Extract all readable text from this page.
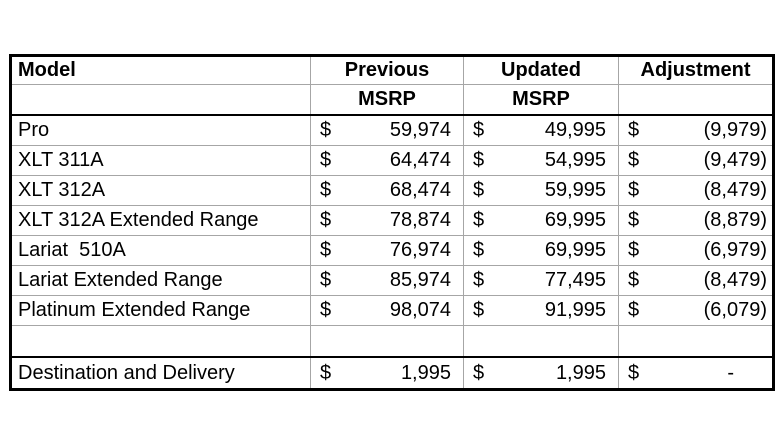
Model	Previous	Updated	Adjustment
	MSRP	MSRP	
Pro	$ 59,974	$ 49,995	$ (9,979)

XLT 311A	$ 64,474	$ 54,995	$ (9,479)

XLT 312A	$ 68,474	$ 59,995	$ (8,479)

XLT 312A Extended Range	$ 78,874	$ 69,995	$ (8,879)

Lariat  510A	$ 76,974	$ 69,995	$ (6,979)

Lariat Extended Range	$ 85,974	$ 77,495	$ (8,479)

Platinum Extended Range	$ 98,074	$ 91,995	$ (6,079)

Destination and Delivery	$ 1,995	$ 1,995	$ -
